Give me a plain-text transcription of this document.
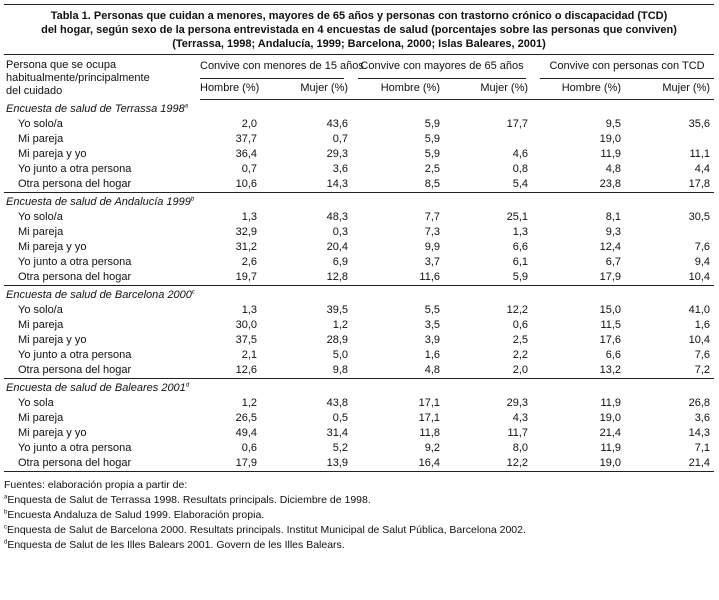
Tabla 1. Personas que cuidan a menores, mayores de 65 años y personas con trastorno crónico o discapacidad (TCD)
del hogar, según sexo de la persona entrevistada en 4 encuestas de salud (porcentajes sobre las personas que conviven)
(Terrassa, 1998; Andalucía, 1999; Barcelona, 2000; Islas Baleares, 2001)
Persona que se ocupa
habitualmente/principalmente
del cuidado	Convive con menores de 15 años		Convive con mayores de 65 años		Convive con personas con TCD	

	Hombre (%)	Mujer (%)	Hombre (%)	Mujer (%)	Hombre (%)	Mujer (%)
Encuesta de salud de Terrassa 1998$^a$
Yo solo/a	2,0	43,6	5,9	17,7	9,5	35,6
Mi pareja	37,7	0,7	5,9		19,0	
Mi pareja y yo	36,4	29,3	5,9	4,6	11,9	11,1
Yo junto a otra persona	0,7	3,6	2,5	0,8	4,8	4,4
Otra persona del hogar	10,6	14,3	8,5	5,4	23,8	17,8
Encuesta de salud de Andalucía 1999$^b$
Yo solo/a	1,3	48,3	7,7	25,1	8,1	30,5
Mi pareja	32,9	0,3	7,3	1,3	9,3	
Mi pareja y yo	31,2	20,4	9,9	6,6	12,4	7,6
Yo junto a otra persona	2,6	6,9	3,7	6,1	6,7	9,4
Otra persona del hogar	19,7	12,8	11,6	5,9	17,9	10,4
Encuesta de salud de Barcelona 2000$^c$
Yo solo/a	1,3	39,5	5,5	12,2	15,0	41,0
Mi pareja	30,0	1,2	3,5	0,6	11,5	1,6
Mi pareja y yo	37,5	28,9	3,9	2,5	17,6	10,4
Yo junto a otra persona	2,1	5,0	1,6	2,2	6,6	7,6
Otra persona del hogar	12,6	9,8	4,8	2,0	13,2	7,2
Encuesta de salud de Baleares 2001$^d$
Yo sola	1,2	43,8	17,1	29,3	11,9	26,8
Mi pareja	26,5	0,5	17,1	4,3	19,0	3,6
Mi pareja y yo	49,4	31,4	11,8	11,7	21,4	14,3
Yo junto a otra persona	0,6	5,2	9,2	8,0	11,9	7,1
Otra persona del hogar	17,9	13,9	16,4	12,2	19,0	21,4
Fuentes: elaboración propia a partir de:
$^a$Enquesta de Salut de Terrassa 1998. Resultats principals. Diciembre de 1998.
$^b$Encuesta Andaluza de Salud 1999. Elaboración propia.
$^c$Enquesta de Salut de Barcelona 2000. Resultats principals. Institut Municipal de Salut Pública, Barcelona 2002.
$^d$Enquesta de Salut de les Illes Balears 2001. Govern de les Illes Balears.
